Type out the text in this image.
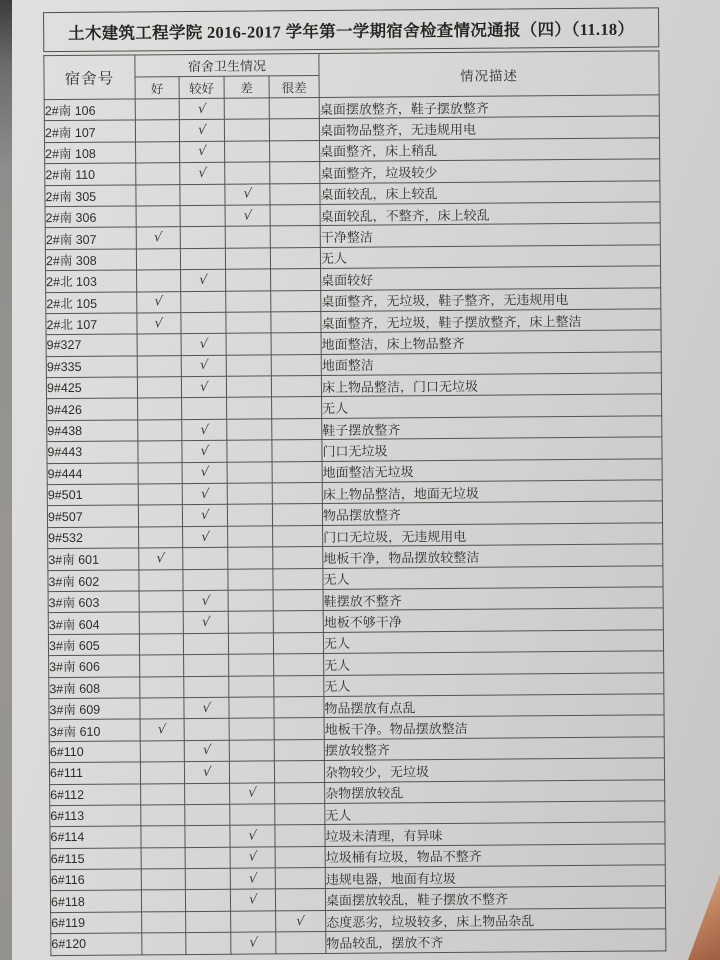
土木建筑工程学院 2016-2017 学年第一学期宿舍检查情况通报（四）（11.18）
宿舍号	宿舍卫生情况				情况描述
	好	较好	差	很差	
2#南 106		√			桌面摆放整齐，鞋子摆放整齐
2#南 107		√			桌面物品整齐，无违规用电
2#南 108		√			桌面整齐，床上稍乱
2#南 110		√			桌面整齐，垃圾较少
2#南 305			√		桌面较乱，床上较乱
2#南 306			√		桌面较乱，不整齐，床上较乱
2#南 307	√				干净整洁
2#南 308					无人
2#北 103		√			桌面较好
2#北 105	√				桌面整齐，无垃圾，鞋子整齐，无违规用电
2#北 107	√				桌面整齐，无垃圾，鞋子摆放整齐，床上整洁
9#327		√			地面整洁，床上物品整齐
9#335		√			地面整洁
9#425		√			床上物品整洁，门口无垃圾
9#426					无人
9#438		√			鞋子摆放整齐
9#443		√			门口无垃圾
9#444		√			地面整洁无垃圾
9#501		√			床上物品整洁，地面无垃圾
9#507		√			物品摆放整齐
9#532		√			门口无垃圾，无违规用电
3#南 601	√				地板干净，物品摆放较整洁
3#南 602					无人
3#南 603		√			鞋摆放不整齐
3#南 604		√			地板不够干净
3#南 605					无人
3#南 606					无人
3#南 608					无人
3#南 609		√			物品摆放有点乱
3#南 610	√				地板干净。物品摆放整洁
6#110		√			摆放较整齐
6#111		√			杂物较少，无垃圾
6#112			√		杂物摆放较乱
6#113					无人
6#114			√		垃圾未清理，有异味
6#115			√		垃圾桶有垃圾，物品不整齐
6#116			√		违规电器，地面有垃圾
6#118			√		桌面摆放较乱，鞋子摆放不整齐
6#119				√	态度恶劣，垃圾较多，床上物品杂乱
6#120			√		物品较乱，摆放不齐
